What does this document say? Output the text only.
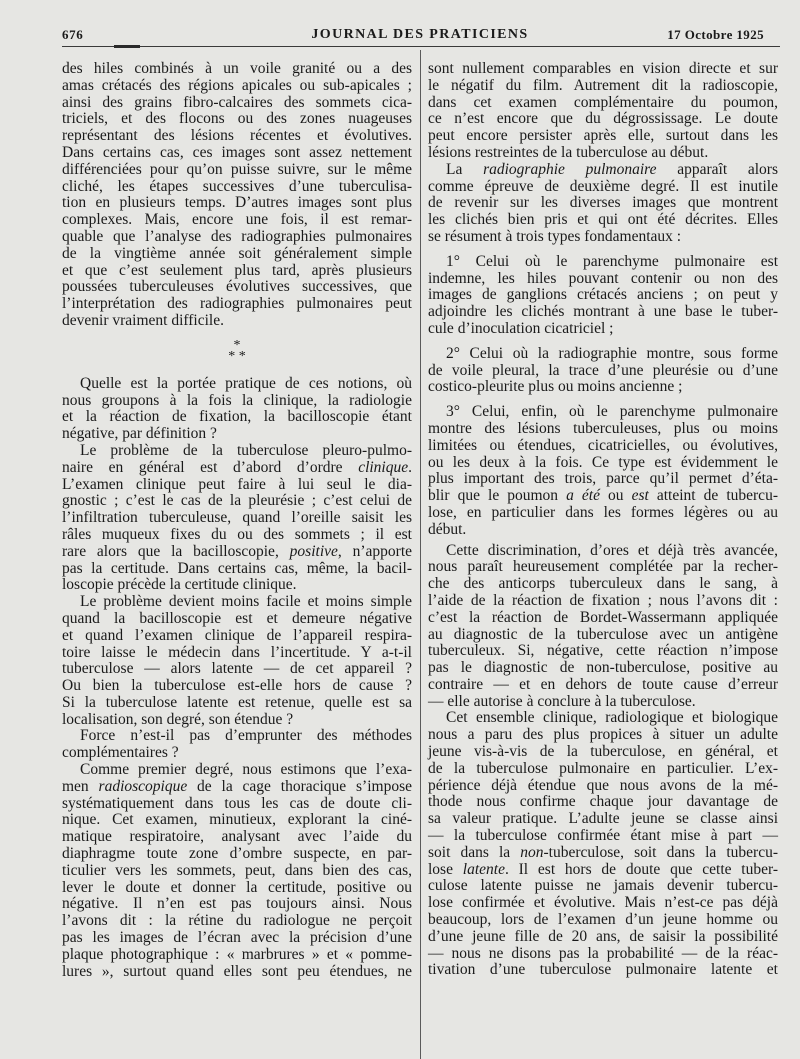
676	JOURNAL DES PRATICIENS	17 Octobre 1925
des hiles combinés à un voile granité ou a des
amas crétacés des régions apicales ou sub-apicales ;
ainsi des grains fibro-calcaires des sommets cica-
triciels, et des flocons ou des zones nuageuses
représentant des lésions récentes et évolutives.
Dans certains cas, ces images sont assez nettement
différenciées pour qu’on puisse suivre, sur le même
cliché, les étapes successives d’une tuberculisa-
tion en plusieurs temps. D’autres images sont plus
complexes. Mais, encore une fois, il est remar-
quable que l’analyse des radiographies pulmonaires
de la vingtième année soit généralement simple
et que c’est seulement plus tard, après plusieurs
poussées tuberculeuses évolutives successives, que
l’interprétation des radiographies pulmonaires peut
devenir vraiment difficile.
*
* *
Quelle est la portée pratique de ces notions, où
nous groupons à la fois la clinique, la radiologie
et la réaction de fixation, la bacilloscopie étant
négative, par définition ?
Le problème de la tuberculose pleuro-pulmo-
naire en général est d’abord d’ordre clinique.
L’examen clinique peut faire à lui seul le dia-
gnostic ; c’est le cas de la pleurésie ; c’est celui de
l’infiltration tuberculeuse, quand l’oreille saisit les
râles muqueux fixes du ou des sommets ; il est
rare alors que la bacilloscopie, positive, n’apporte
pas la certitude. Dans certains cas, même, la bacil-
loscopie précède la certitude clinique.
Le problème devient moins facile et moins simple
quand la bacilloscopie est et demeure négative
et quand l’examen clinique de l’appareil respira-
toire laisse le médecin dans l’incertitude. Y a-t-il
tuberculose — alors latente — de cet appareil ?
Ou bien la tuberculose est-elle hors de cause ?
Si la tuberculose latente est retenue, quelle est sa
localisation, son degré, son étendue ?
Force n’est-il pas d’emprunter des méthodes
complémentaires ?
Comme premier degré, nous estimons que l’exa-
men radioscopique de la cage thoracique s’impose
systématiquement dans tous les cas de doute cli-
nique. Cet examen, minutieux, explorant la ciné-
matique respiratoire, analysant avec l’aide du
diaphragme toute zone d’ombre suspecte, en par-
ticulier vers les sommets, peut, dans bien des cas,
lever le doute et donner la certitude, positive ou
négative. Il n’en est pas toujours ainsi. Nous
l’avons dit : la rétine du radiologue ne perçoit
pas les images de l’écran avec la précision d’une
plaque photographique : « marbrures » et « pomme-
lures », surtout quand elles sont peu étendues, ne
sont nullement comparables en vision directe et sur
le négatif du film. Autrement dit la radioscopie,
dans cet examen complémentaire du poumon,
ce n’est encore que du dégrossissage. Le doute
peut encore persister après elle, surtout dans les
lésions restreintes de la tuberculose au début.
La radiographie pulmonaire apparaît alors
comme épreuve de deuxième degré. Il est inutile
de revenir sur les diverses images que montrent
les clichés bien pris et qui ont été décrites. Elles
se résument à trois types fondamentaux :
1° Celui où le parenchyme pulmonaire est
indemne, les hiles pouvant contenir ou non des
images de ganglions crétacés anciens ; on peut y
adjoindre les clichés montrant à une base le tuber-
cule d’inoculation cicatriciel ;
2° Celui où la radiographie montre, sous forme
de voile pleural, la trace d’une pleurésie ou d’une
costico-pleurite plus ou moins ancienne ;
3° Celui, enfin, où le parenchyme pulmonaire
montre des lésions tuberculeuses, plus ou moins
limitées ou étendues, cicatricielles, ou évolutives,
ou les deux à la fois. Ce type est évidemment le
plus important des trois, parce qu’il permet d’éta-
blir que le poumon a été ou est atteint de tubercu-
lose, en particulier dans les formes légères ou au
début.
Cette discrimination, d’ores et déjà très avancée,
nous paraît heureusement complétée par la recher-
che des anticorps tuberculeux dans le sang, à
l’aide de la réaction de fixation ; nous l’avons dit :
c’est la réaction de Bordet-Wassermann appliquée
au diagnostic de la tuberculose avec un antigène
tuberculeux. Si, négative, cette réaction n’impose
pas le diagnostic de non-tuberculose, positive au
contraire — et en dehors de toute cause d’erreur
— elle autorise à conclure à la tuberculose.
Cet ensemble clinique, radiologique et biologique
nous a paru des plus propices à situer un adulte
jeune vis-à-vis de la tuberculose, en général, et
de la tuberculose pulmonaire en particulier. L’ex-
périence déjà étendue que nous avons de la mé-
thode nous confirme chaque jour davantage de
sa valeur pratique. L’adulte jeune se classe ainsi
— la tuberculose confirmée étant mise à part —
soit dans la non-tuberculose, soit dans la tubercu-
lose latente. Il est hors de doute que cette tuber-
culose latente puisse ne jamais devenir tubercu-
lose confirmée et évolutive. Mais n’est-ce pas déjà
beaucoup, lors de l’examen d’un jeune homme ou
d’une jeune fille de 20 ans, de saisir la possibilité
— nous ne disons pas la probabilité — de la réac-
tivation d’une tuberculose pulmonaire latente et
